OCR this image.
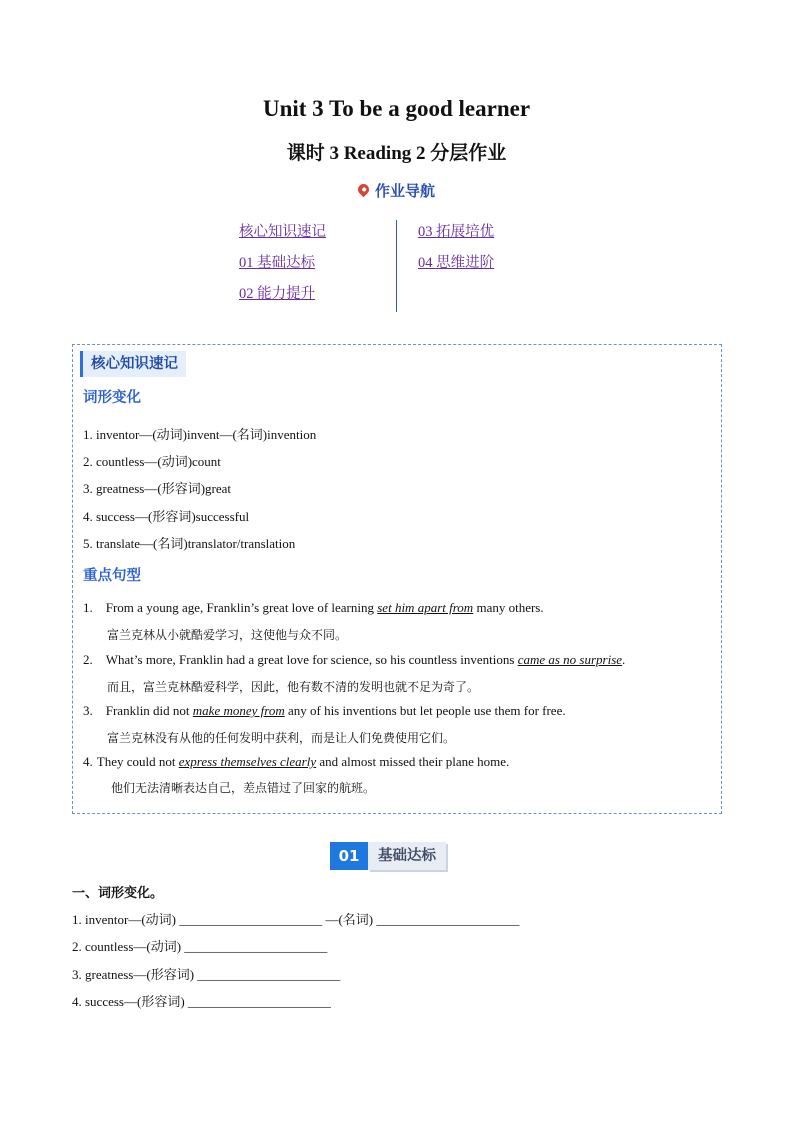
Unit 3 To be a good learner
课时 3 Reading 2 分层作业
作业导航
核心知识速记
01 基础达标
02 能力提升
03 拓展培优
04 思维进阶
核心知识速记
词形变化
1. inventor—(动词)invent—(名词)invention
2. countless—(动词)count
3. greatness—(形容词)great
4. success—(形容词)successful
5. translate—(名词)translator/translation
重点句型
1. From a young age, Franklin’s great love of learning set him apart from many others.
富兰克林从小就酷爱学习，这使他与众不同。
2. What’s more, Franklin had a great love for science, so his countless inventions came as no surprise.
而且，富兰克林酷爱科学，因此，他有数不清的发明也就不足为奇了。
3. Franklin did not make money from any of his inventions but let people use them for free.
富兰克林没有从他的任何发明中获利，而是让人们免费使用它们。
4. They could not express themselves clearly and almost missed their plane home.
他们无法清晰表达自己，差点错过了回家的航班。
01	基础达标
一、词形变化。
1. inventor—(动词) ______________________ —(名词) ______________________
2. countless—(动词) ______________________
3. greatness—(形容词) ______________________
4. success—(形容词) ______________________
